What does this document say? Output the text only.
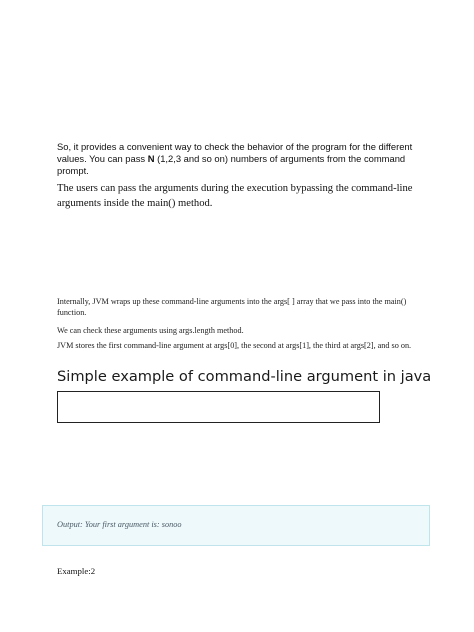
So, it provides a convenient way to check the behavior of the program for the different values. You can pass N (1,2,3 and so on) numbers of arguments from the command prompt.
The users can pass the arguments during the execution bypassing the command-line arguments inside the main() method.
Internally, JVM wraps up these command-line arguments into the args[ ] array that we pass into the main() function.
We can check these arguments using args.length method.
JVM stores the first command-line argument at args[0], the second at args[1], the third at args[2], and so on.
Simple example of command-line argument in java
Output: Your first argument is: sonoo
Example:2
